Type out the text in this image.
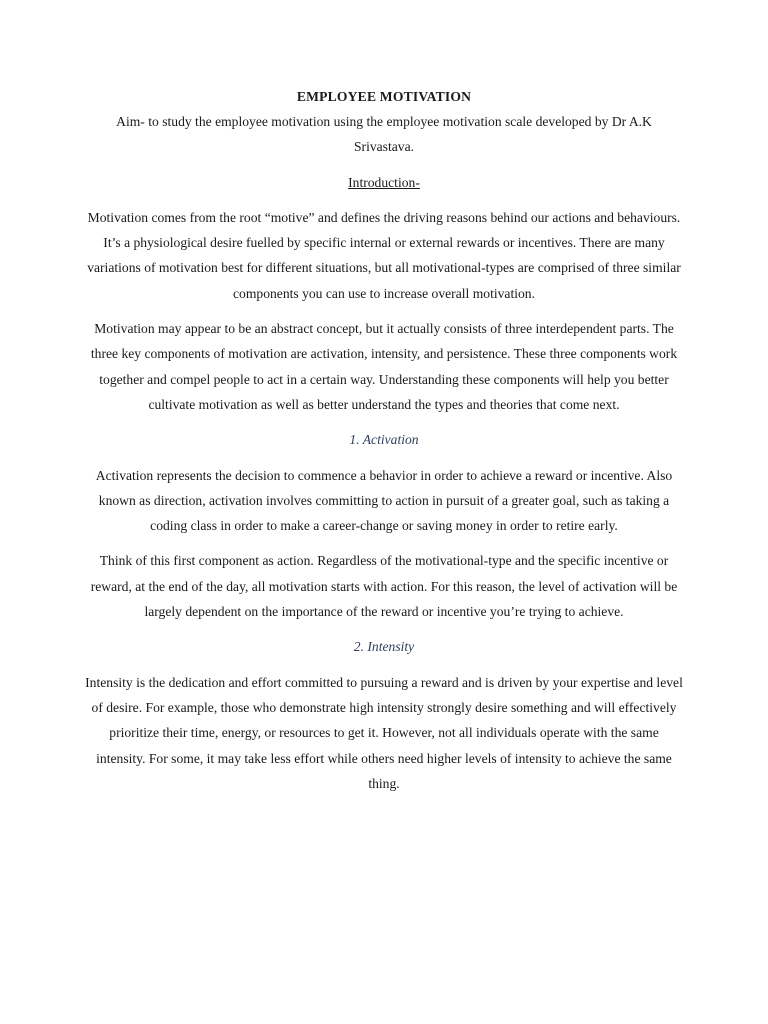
EMPLOYEE MOTIVATION

Aim- to study the employee motivation using the employee motivation scale developed by Dr A.K Srivastava.

Introduction-

Motivation comes from the root “motive” and defines the driving reasons behind our actions and behaviours. It’s a physiological desire fuelled by specific internal or external rewards or incentives. There are many variations of motivation best for different situations, but all motivational-types are comprised of three similar components you can use to increase overall motivation.

Motivation may appear to be an abstract concept, but it actually consists of three interdependent parts. The three key components of motivation are activation, intensity, and persistence. These three components work together and compel people to act in a certain way. Understanding these components will help you better cultivate motivation as well as better understand the types and theories that come next.

1. Activation

Activation represents the decision to commence a behavior in order to achieve a reward or incentive. Also known as direction, activation involves committing to action in pursuit of a greater goal, such as taking a coding class in order to make a career-change or saving money in order to retire early.

Think of this first component as action. Regardless of the motivational-type and the specific incentive or reward, at the end of the day, all motivation starts with action. For this reason, the level of activation will be largely dependent on the importance of the reward or incentive you’re trying to achieve.

2. Intensity

Intensity is the dedication and effort committed to pursuing a reward and is driven by your expertise and level of desire. For example, those who demonstrate high intensity strongly desire something and will effectively prioritize their time, energy, or resources to get it. However, not all individuals operate with the same intensity. For some, it may take less effort while others need higher levels of intensity to achieve the same thing.
